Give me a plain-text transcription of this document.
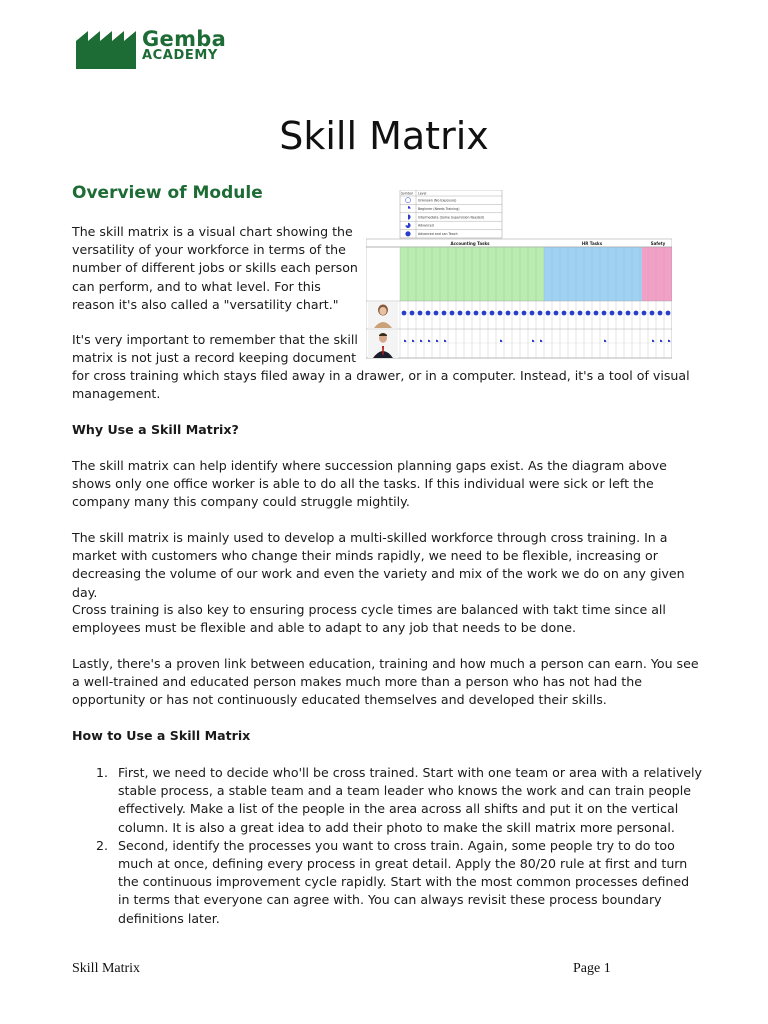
Gemba
ACADEMY
Skill Matrix
Overview of Module
The skill matrix is a visual chart showing the
versatility of your workforce in terms of the
number of different jobs or skills each person
can perform, and to what level. For this
reason it's also called a "versatility chart."
It's very important to remember that the skill
matrix is not just a record keeping document
for cross training which stays filed away in a drawer, or in a computer. Instead, it's a tool of visual management.
Symbol Level
Unknown (No Exposure)
Beginner (Needs Training)
Intermediate (Some Supervision Needed)
Advanced
Advanced and can Teach
Accounting Tasks	HR Tasks	Safety
Why Use a Skill Matrix?
The skill matrix can help identify where succession planning gaps exist. As the diagram above shows only one office worker is able to do all the tasks. If this individual were sick or left the company many this company could struggle mightily.
The skill matrix is mainly used to develop a multi-skilled workforce through cross training. In a market with customers who change their minds rapidly, we need to be flexible, increasing or decreasing the volume of our work and even the variety and mix of the work we do on any given day.
Cross training is also key to ensuring process cycle times are balanced with takt time since all employees must be flexible and able to adapt to any job that needs to be done.
Lastly, there's a proven link between education, training and how much a person can earn. You see a well-trained and educated person makes much more than a person who has not had the opportunity or has not continuously educated themselves and developed their skills.
How to Use a Skill Matrix
1. First, we need to decide who'll be cross trained. Start with one team or area with a relatively stable process, a stable team and a team leader who knows the work and can train people effectively. Make a list of the people in the area across all shifts and put it on the vertical column. It is also a great idea to add their photo to make the skill matrix more personal.
2. Second, identify the processes you want to cross train. Again, some people try to do too much at once, defining every process in great detail. Apply the 80/20 rule at first and turn the continuous improvement cycle rapidly. Start with the most common processes defined in terms that everyone can agree with. You can always revisit these process boundary definitions later.
Skill Matrix	Page 1
